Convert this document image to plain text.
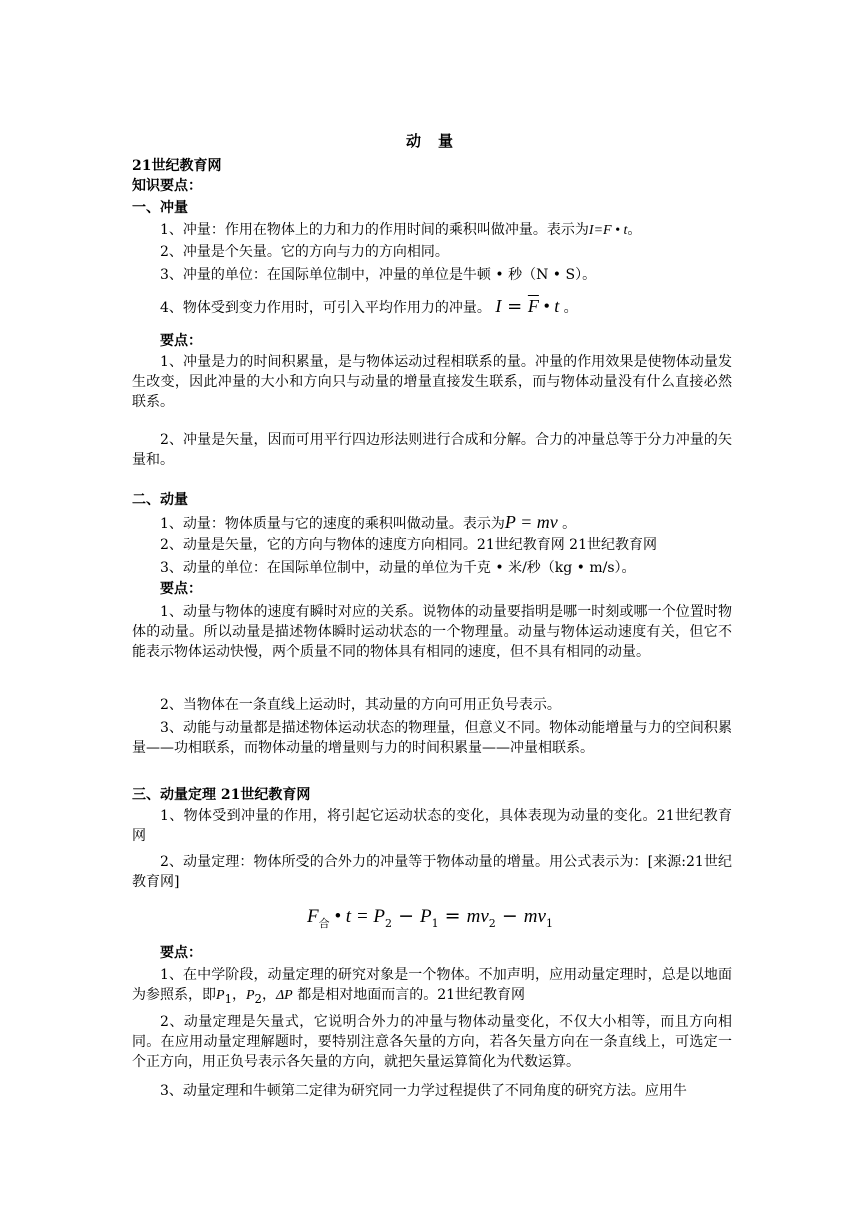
动　量
21世纪教育网
知识要点：
一、冲量
1、冲量：作用在物体上的力和力的作用时间的乘积叫做冲量。表示为I=F • t。
2、冲量是个矢量。它的方向与力的方向相同。
3、冲量的单位：在国际单位制中，冲量的单位是牛顿 • 秒（N • S）。
4、物体受到变力作用时，可引入平均作用力的冲量。 $I = \overline{F}$ • t 。
要点：
1、冲量是力的时间积累量，是与物体运动过程相联系的量。冲量的作用效果是使物体动量发生改变，因此冲量的大小和方向只与动量的增量直接发生联系，而与物体动量没有什么直接必然联系。
2、冲量是矢量，因而可用平行四边形法则进行合成和分解。合力的冲量总等于分力冲量的矢量和。
二、动量
1、动量：物体质量与它的速度的乘积叫做动量。表示为P = mv 。
2、动量是矢量，它的方向与物体的速度方向相同。21世纪教育网 21世纪教育网
3、动量的单位：在国际单位制中，动量的单位为千克 • 米/秒（kg • m/s）。
要点：
1、动量与物体的速度有瞬时对应的关系。说物体的动量要指明是哪一时刻或哪一个位置时物体的动量。所以动量是描述物体瞬时运动状态的一个物理量。动量与物体运动速度有关，但它不能表示物体运动快慢，两个质量不同的物体具有相同的速度，但不具有相同的动量。
2、当物体在一条直线上运动时，其动量的方向可用正负号表示。
3、动能与动量都是描述物体运动状态的物理量，但意义不同。物体动能增量与力的空间积累量——功相联系，而物体动量的增量则与力的时间积累量——冲量相联系。
三、动量定理 21世纪教育网
1、物体受到冲量的作用，将引起它运动状态的变化，具体表现为动量的变化。21世纪教育网
2、动量定理：物体所受的合外力的冲量等于物体动量的增量。用公式表示为：[来源:21世纪教育网]
$F_合$ • $t = P_2 - P_1 = mv_2 - mv_1$
要点：
1、在中学阶段，动量定理的研究对象是一个物体。不加声明，应用动量定理时，总是以地面为参照系，即$P_1$，$P_2$，ΔP 都是相对地面而言的。21世纪教育网
2、动量定理是矢量式，它说明合外力的冲量与物体动量变化，不仅大小相等，而且方向相同。在应用动量定理解题时，要特别注意各矢量的方向，若各矢量方向在一条直线上，可选定一个正方向，用正负号表示各矢量的方向，就把矢量运算简化为代数运算。
3、动量定理和牛顿第二定律为研究同一力学过程提供了不同角度的研究方法。应用牛
